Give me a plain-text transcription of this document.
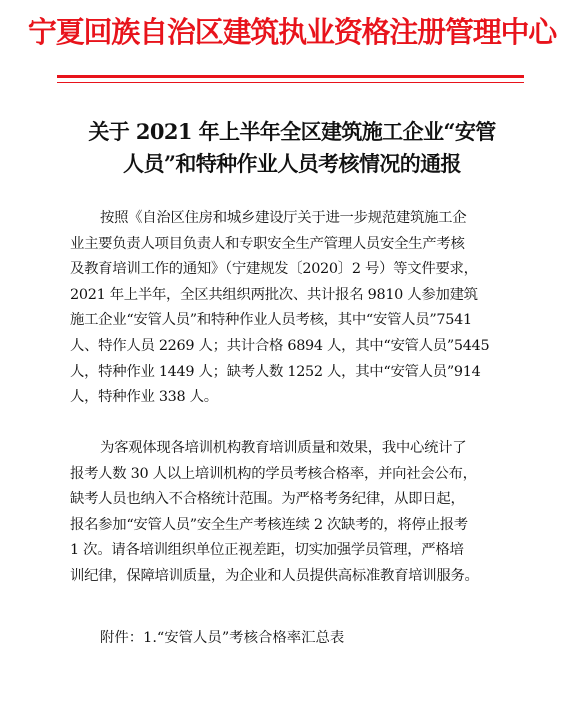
宁夏回族自治区建筑执业资格注册管理中心
关于 2021 年上半年全区建筑施工企业“安管
人员”和特种作业人员考核情况的通报
按照《自治区住房和城乡建设厅关于进一步规范建筑施工企
业主要负责人项目负责人和专职安全生产管理人员安全生产考核
及教育培训工作的通知》（宁建规发〔2020〕2 号）等文件要求，
2021 年上半年，全区共组织两批次、共计报名 9810 人参加建筑
施工企业“安管人员”和特种作业人员考核，其中“安管人员”7541
人、特作人员 2269 人；共计合格 6894 人，其中“安管人员”5445
人，特种作业 1449 人；缺考人数 1252 人，其中“安管人员”914
人，特种作业 338 人。
为客观体现各培训机构教育培训质量和效果，我中心统计了
报考人数 30 人以上培训机构的学员考核合格率，并向社会公布，
缺考人员也纳入不合格统计范围。为严格考务纪律，从即日起，
报名参加“安管人员”安全生产考核连续 2 次缺考的，将停止报考
1 次。请各培训组织单位正视差距，切实加强学员管理，严格培
训纪律，保障培训质量，为企业和人员提供高标准教育培训服务。
附件：1.“安管人员”考核合格率汇总表
